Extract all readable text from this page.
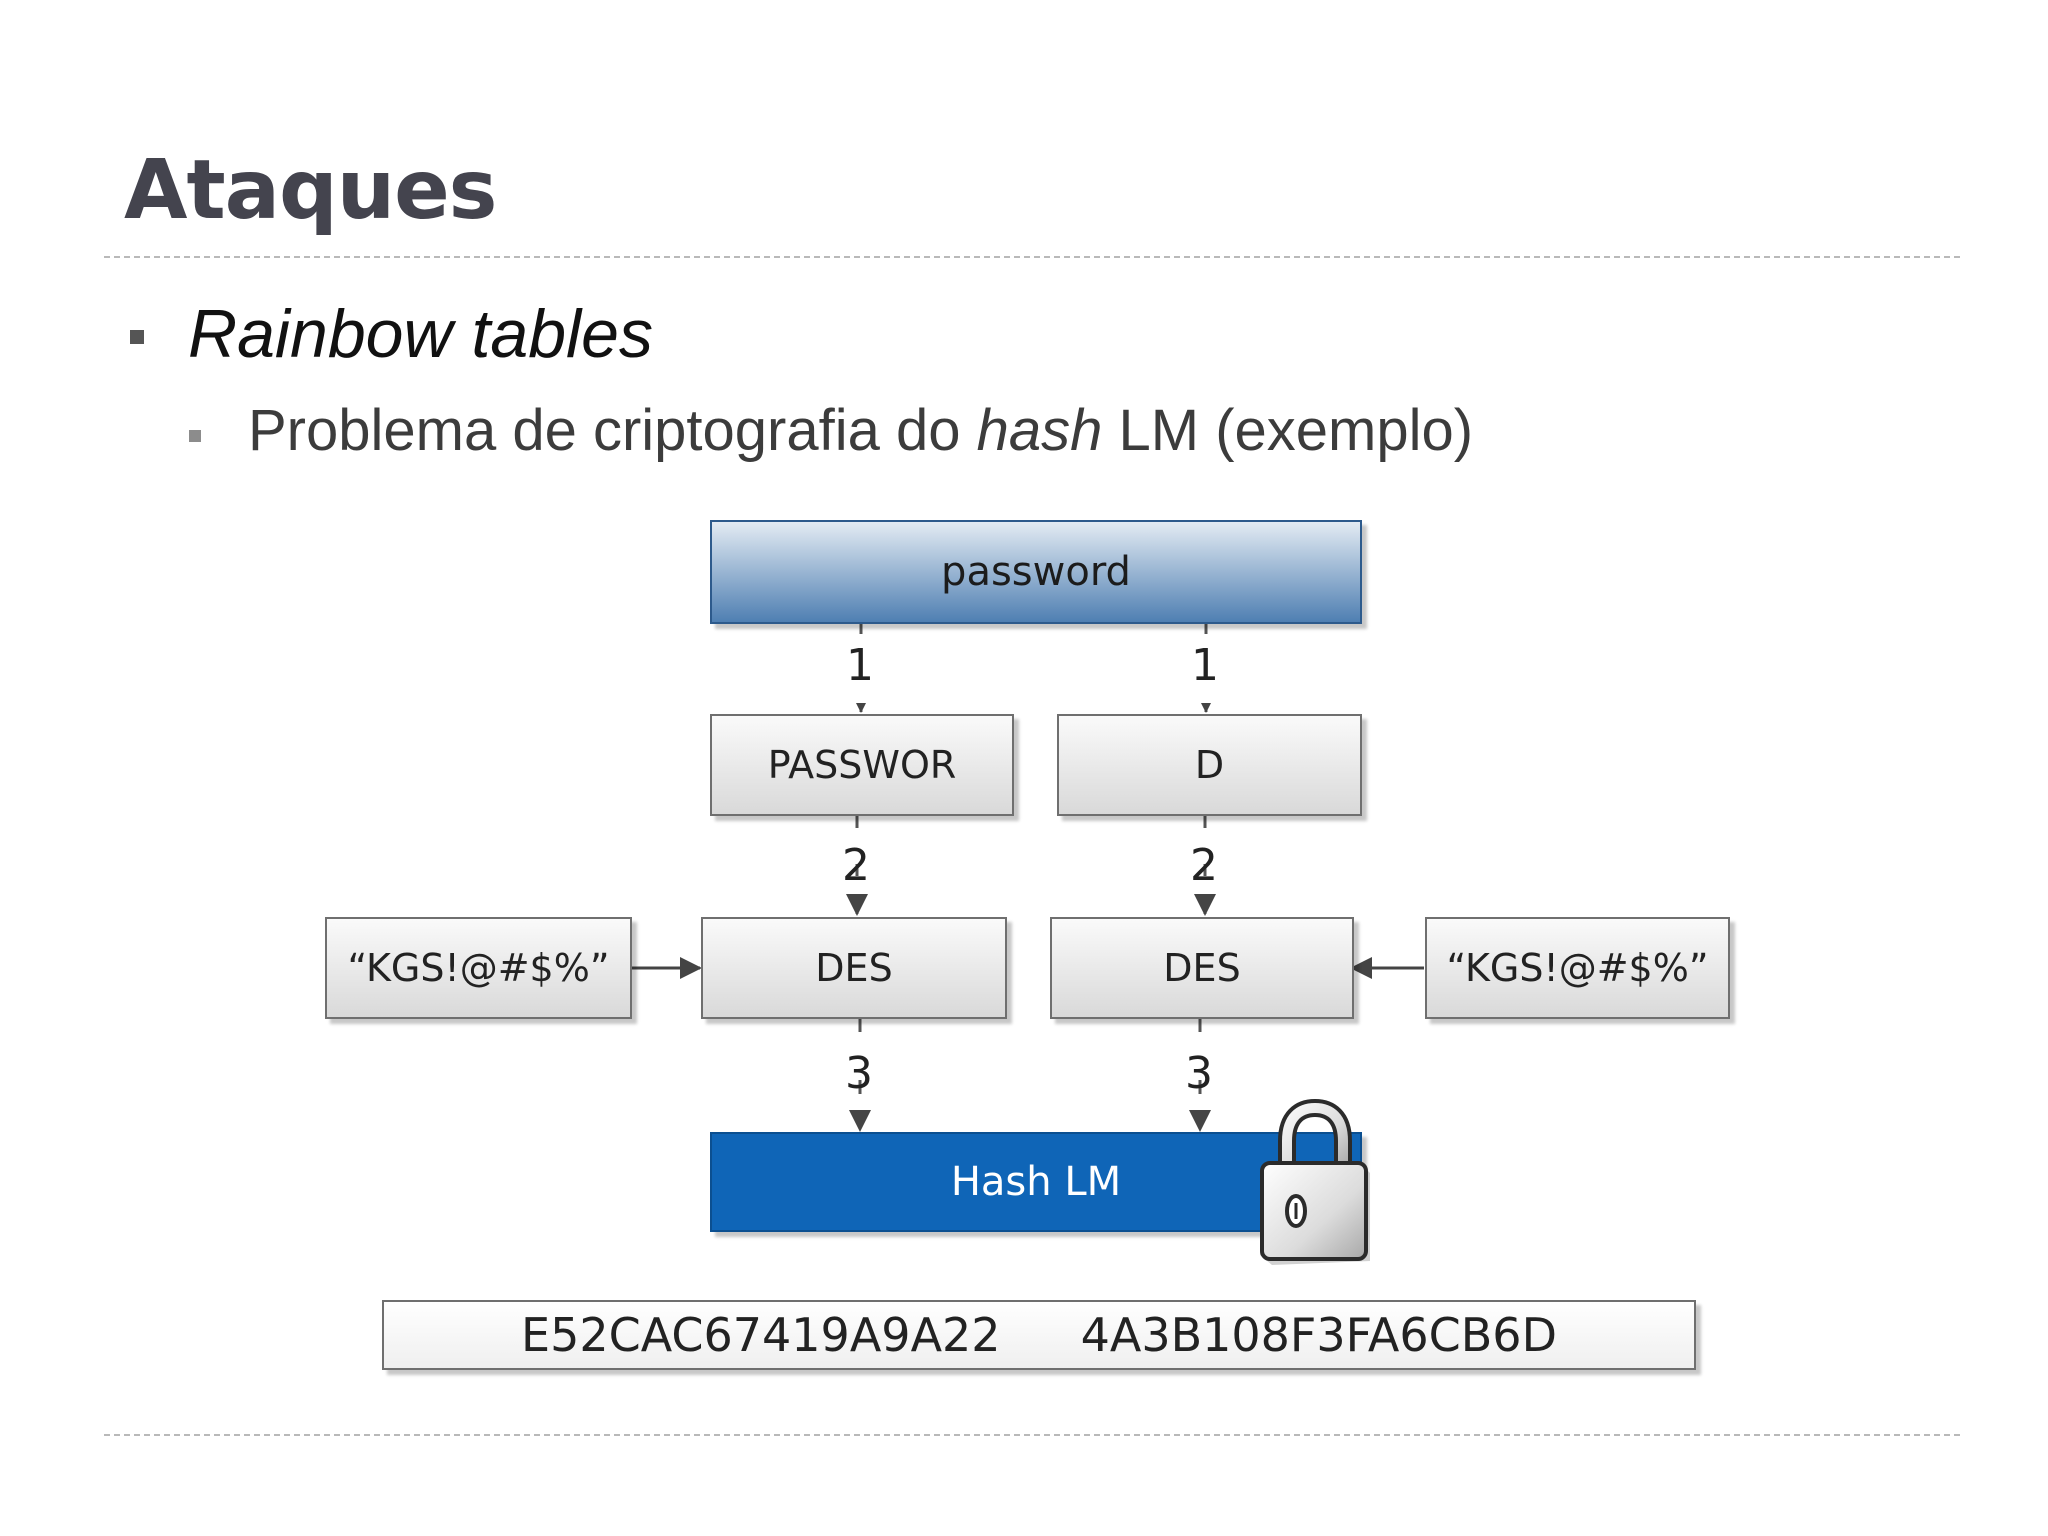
Ataques
Rainbow tables
Problema de criptografia do hash LM (exemplo)
1	1
2	2
3	3
password
PASSWOR	D
“KGS!@#$%”	DES	DES	“KGS!@#$%”
Hash LM
E52CAC67419A9A22 4A3B108F3FA6CB6D
